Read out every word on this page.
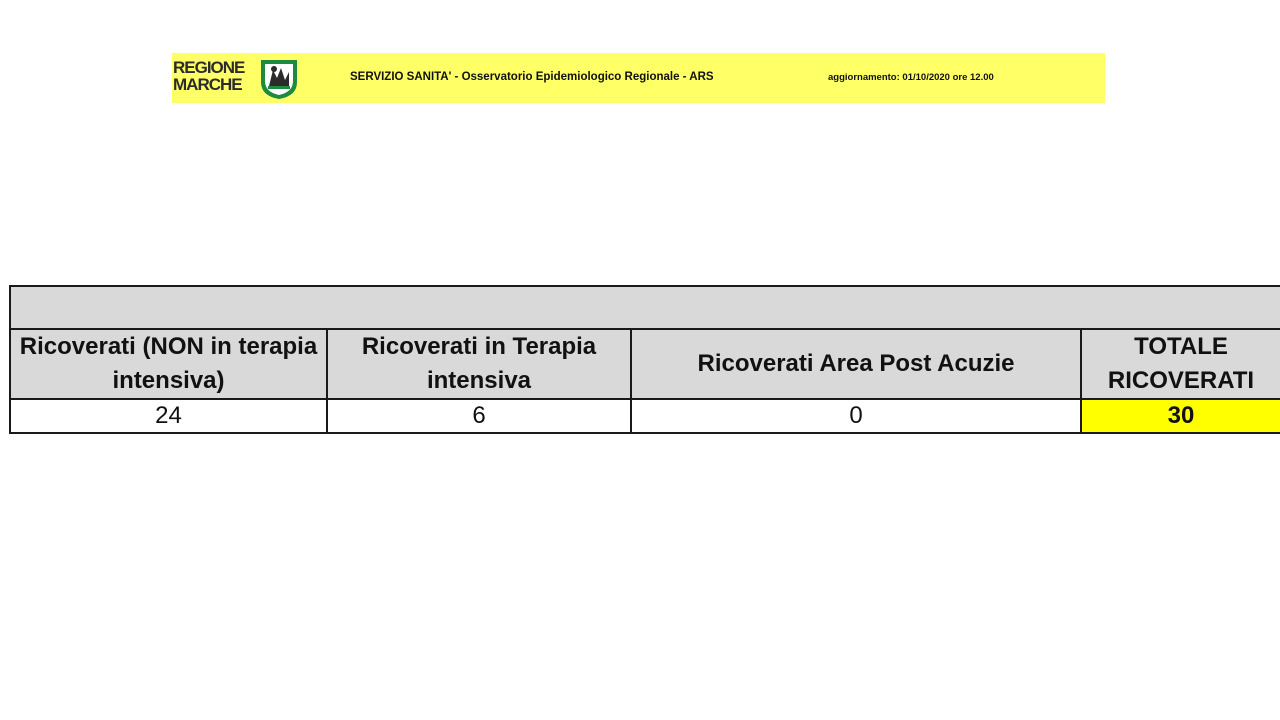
REGIONE MARCHE	SERVIZIO SANITA' - Osservatorio Epidemiologico Regionale - ARS	aggiornamento: 01/10/2020 ore 12.00

Ricoverati (NON in terapia intensiva)	Ricoverati in Terapia intensiva	Ricoverati Area Post Acuzie	TOTALE RICOVERATI
24	6	0	30
